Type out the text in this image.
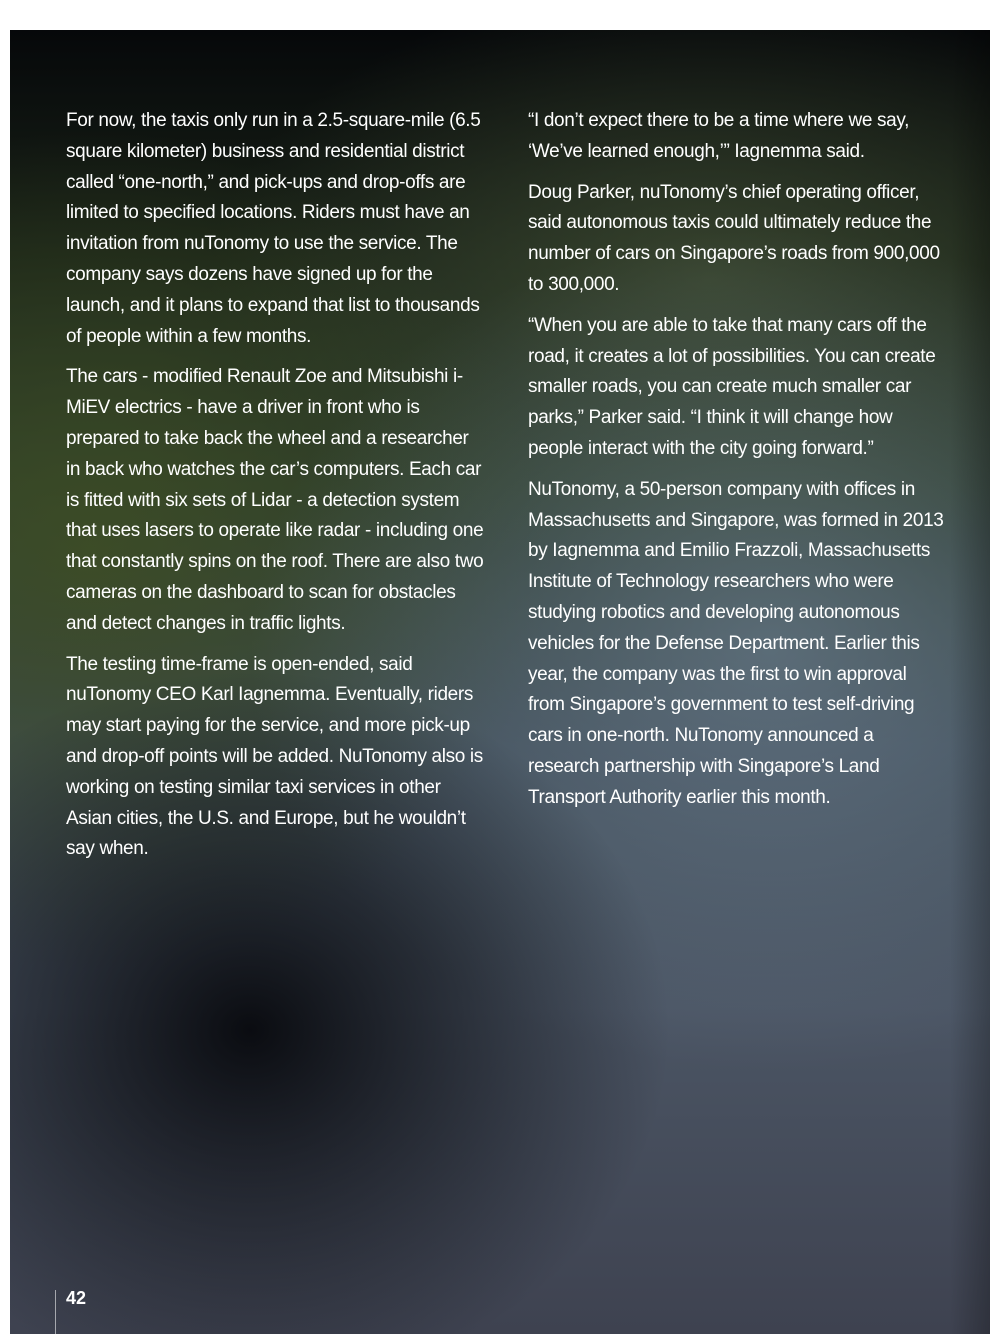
For now, the taxis only run in a 2.5-square-mile (6.5 square kilometer) business and residential district called “one-north,” and pick-ups and drop-offs are limited to specified locations. Riders must have an invitation from nuTonomy to use the service. The company says dozens have signed up for the launch, and it plans to expand that list to thousands of people within a few months.

The cars - modified Renault Zoe and Mitsubishi i-MiEV electrics - have a driver in front who is prepared to take back the wheel and a researcher in back who watches the car’s computers. Each car is fitted with six sets of Lidar - a detection system that uses lasers to operate like radar - including one that constantly spins on the roof. There are also two cameras on the dashboard to scan for obstacles and detect changes in traffic lights.

The testing time-frame is open-ended, said nuTonomy CEO Karl Iagnemma. Eventually, riders may start paying for the service, and more pick-up and drop-off points will be added. NuTonomy also is working on testing similar taxi services in other Asian cities, the U.S. and Europe, but he wouldn’t say when.

“I don’t expect there to be a time where we say, ‘We’ve learned enough,’” Iagnemma said.

Doug Parker, nuTonomy’s chief operating officer, said autonomous taxis could ultimately reduce the number of cars on Singapore’s roads from 900,000 to 300,000.

“When you are able to take that many cars off the road, it creates a lot of possibilities. You can create smaller roads, you can create much smaller car parks,” Parker said. “I think it will change how people interact with the city going forward.”

NuTonomy, a 50-person company with offices in Massachusetts and Singapore, was formed in 2013 by Iagnemma and Emilio Frazzoli, Massachusetts Institute of Technology researchers who were studying robotics and developing autonomous vehicles for the Defense Department. Earlier this year, the company was the first to win approval from Singapore’s government to test self-driving cars in one-north. NuTonomy announced a research partnership with Singapore’s Land Transport Authority earlier this month.

42
